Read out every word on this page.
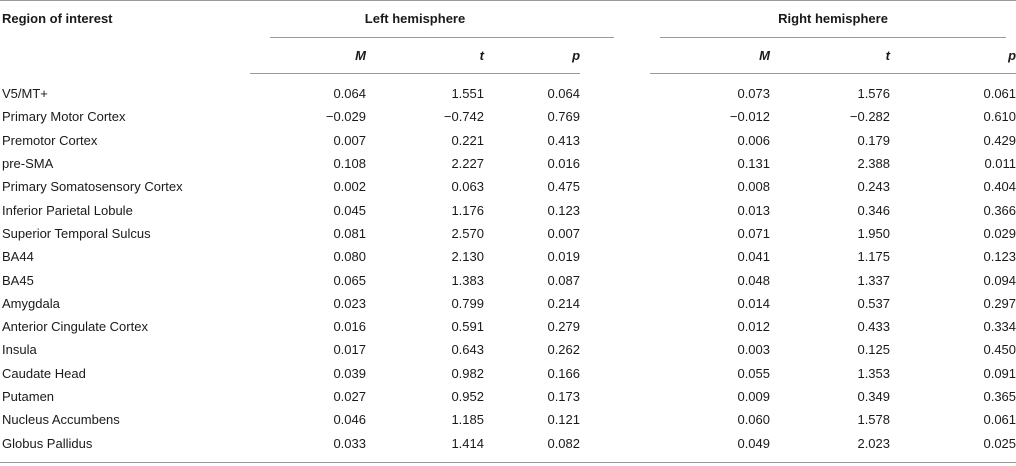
Region of interest	Left hemisphere				Right hemisphere		
	M	t	p		M	t	p
V5/MT+	0.064	1.551	0.064		0.073	1.576	0.061
Primary Motor Cortex	−0.029	−0.742	0.769		−0.012	−0.282	0.610
Premotor Cortex	0.007	0.221	0.413		0.006	0.179	0.429
pre-SMA	0.108	2.227	0.016		0.131	2.388	0.011
Primary Somatosensory Cortex	0.002	0.063	0.475		0.008	0.243	0.404
Inferior Parietal Lobule	0.045	1.176	0.123		0.013	0.346	0.366
Superior Temporal Sulcus	0.081	2.570	0.007		0.071	1.950	0.029
BA44	0.080	2.130	0.019		0.041	1.175	0.123
BA45	0.065	1.383	0.087		0.048	1.337	0.094
Amygdala	0.023	0.799	0.214		0.014	0.537	0.297
Anterior Cingulate Cortex	0.016	0.591	0.279		0.012	0.433	0.334
Insula	0.017	0.643	0.262		0.003	0.125	0.450
Caudate Head	0.039	0.982	0.166		0.055	1.353	0.091
Putamen	0.027	0.952	0.173		0.009	0.349	0.365
Nucleus Accumbens	0.046	1.185	0.121		0.060	1.578	0.061
Globus Pallidus	0.033	1.414	0.082		0.049	2.023	0.025
